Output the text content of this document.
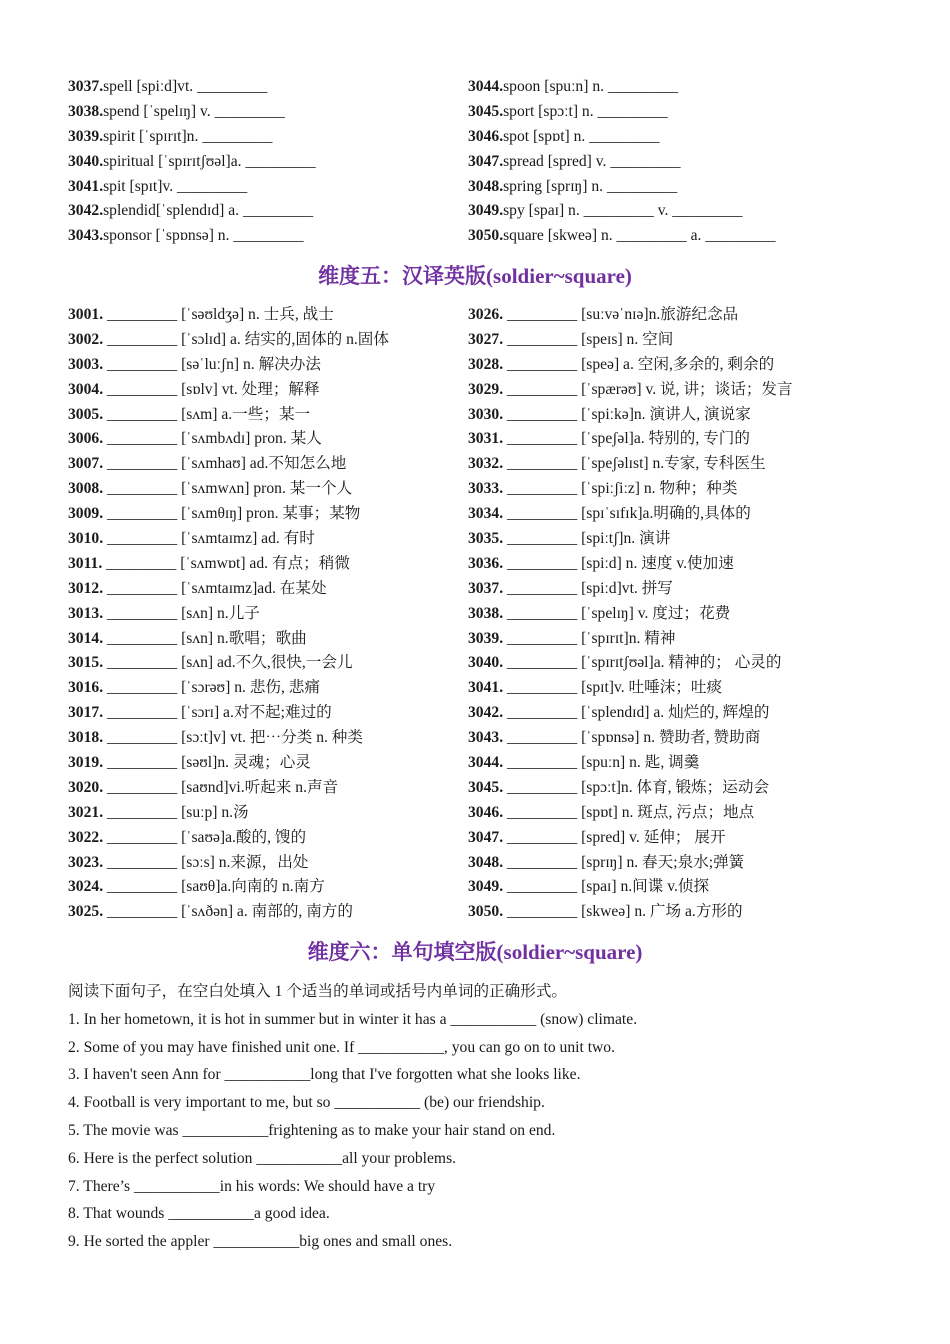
3037.spell [spiːd]vt. _________
3038.spend [ˈspelɪŋ] v. _________
3039.spirit [ˈspɪrɪt]n. _________
3040.spiritual [ˈspɪrɪtʃʊəl]a. _________
3041.spit [spɪt]v. _________
3042.splendid[ˈsplendɪd] a. _________
3043.sponsor [ˈspɒnsə] n. _________
3044.spoon [spuːn] n. _________
3045.sport [spɔːt] n. _________
3046.spot [spɒt] n. _________
3047.spread [spred] v. _________
3048.spring [sprɪŋ] n. _________
3049.spy [spaɪ] n. _________ v. _________
3050.square [skweə] n. _________ a. _________
维度五：汉译英版(soldier~square)
3001. _________ [ˈsəʊldʒə] n. 士兵, 战士
3002. _________ [ˈsɔlɪd] a. 结实的,固体的 n.固体
3003. _________ [səˈluːʃn] n. 解决办法
3004. _________ [sɒlv] vt. 处理；解释
3005. _________ [sʌm] a.一些；某一
3006. _________ [ˈsʌmbʌdɪ] pron. 某人
3007. _________ [ˈsʌmhaʊ] ad.不知怎么地
3008. _________ [ˈsʌmwʌn] pron. 某一个人
3009. _________ [ˈsʌmθɪŋ] pron. 某事；某物
3010. _________ [ˈsʌmtaɪmz] ad. 有时
3011. _________ [ˈsʌmwɒt] ad. 有点；稍微
3012. _________ [ˈsʌmtaɪmz]ad. 在某处
3013. _________ [sʌn] n.儿子
3014. _________ [sʌn] n.歌唱；歌曲
3015. _________ [sʌn] ad.不久,很快,一会儿
3016. _________ [ˈsɔrəʊ] n. 悲伤, 悲痛
3017. _________ [ˈsɔrɪ] a.对不起;难过的
3018. _________ [sɔːt]v] vt. 把⋯分类 n. 种类
3019. _________ [səʊl]n. 灵魂；心灵
3020. _________ [saʊnd]vi.听起来 n.声音
3021. _________ [suːp] n.汤
3022. _________ [ˈsaʊə]a.酸的, 馊的
3023. _________ [sɔːs] n.来源，出处
3024. _________ [saʊθ]a.向南的 n.南方
3025. _________ [ˈsʌðən] a. 南部的, 南方的
3026. _________ [suːvəˈnɪə]n.旅游纪念品
3027. _________ [speɪs] n. 空间
3028. _________ [speə] a. 空闲,多余的, 剩余的
3029. _________ [ˈspærəʊ] v. 说, 讲；谈话；发言
3030. _________ [ˈspiːkə]n. 演讲人, 演说家
3031. _________ [ˈspeʃəl]a. 特别的, 专门的
3032. _________ [ˈspeʃəlɪst] n.专家, 专科医生
3033. _________ [ˈspiːʃiːz] n. 物种；种类
3034. _________ [spɪˈsɪfɪk]a.明确的,具体的
3035. _________ [spiːtʃ]n. 演讲
3036. _________ [spiːd] n. 速度 v.使加速
3037. _________ [spiːd]vt. 拼写
3038. _________ [ˈspelɪŋ] v. 度过；花费
3039. _________ [ˈspɪrɪt]n. 精神
3040. _________ [ˈspɪrɪtʃʊəl]a. 精神的； 心灵的
3041. _________ [spɪt]v. 吐唾沫；吐痰
3042. _________ [ˈsplendɪd] a. 灿烂的, 辉煌的
3043. _________ [ˈspɒnsə] n. 赞助者, 赞助商
3044. _________ [spuːn] n. 匙, 调羹
3045. _________ [spɔːt]n. 体育, 锻炼；运动会
3046. _________ [spɒt] n. 斑点, 污点；地点
3047. _________ [spred] v. 延伸； 展开
3048. _________ [sprɪŋ] n. 春天;泉水;弹簧
3049. _________ [spaɪ] n.间谍 v.侦探
3050. _________ [skweə] n. 广场 a.方形的
维度六：单句填空版(soldier~square)
阅读下面句子，在空白处填入 1 个适当的单词或括号内单词的正确形式。
1. In her hometown, it is hot in summer but in winter it has a ___________ (snow) climate.
2. Some of you may have finished unit one. If ___________, you can go on to unit two.
3. I haven't seen Ann for ___________long that I've forgotten what she looks like.
4. Football is very important to me, but so ___________ (be) our friendship.
5. The movie was ___________frightening as to make your hair stand on end.
6. Here is the perfect solution ___________all your problems.
7. There’s ___________in his words: We should have a try
8. That wounds ___________a good idea.
9. He sorted the appler ___________big ones and small ones.
